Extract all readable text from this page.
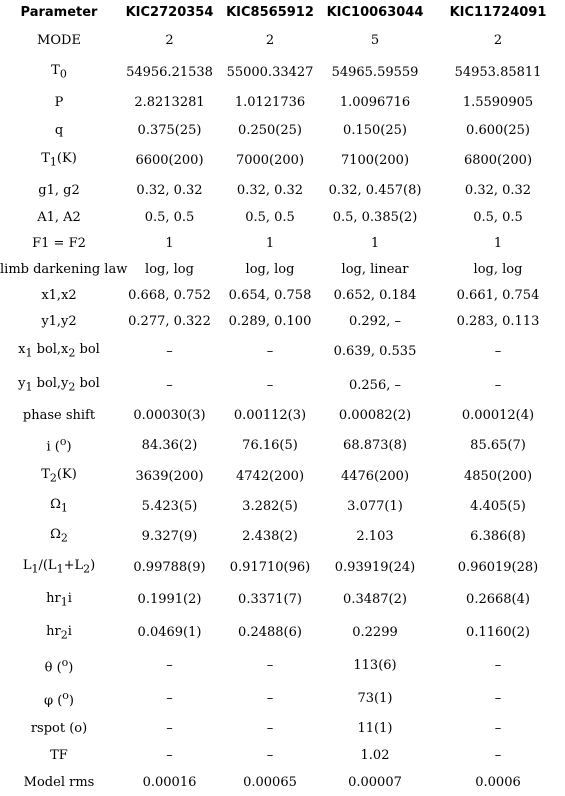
Parameter	KIC2720354	KIC8565912	KIC10063044	KIC11724091
MODE	2	2	5	2
$T_0$	54956.21538	55000.33427	54965.59559	54953.85811
P	2.8213281	1.0121736	1.0096716	1.5590905
q	0.375(25)	0.250(25)	0.150(25)	0.600(25)
$T_1(K)$	6600(200)	7000(200)	7100(200)	6800(200)
g1, g2	0.32, 0.32	0.32, 0.32	0.32, 0.457(8)	0.32, 0.32
A1, A2	0.5, 0.5	0.5, 0.5	0.5, 0.385(2)	0.5, 0.5
F1 = F2	1	1	1	1
limb darkening law	log, log	log, log	log, linear	log, log
x1,x2	0.668, 0.752	0.654, 0.758	0.652, 0.184	0.661, 0.754
y1,y2	0.277, 0.322	0.289, 0.100	0.292, –	0.283, 0.113
$x_1$ $bol,x_2$ bol	–	–	0.639, 0.535	–
$y_1$ $bol,y_2$ bol	–	–	0.256, –	–
phase shift	0.00030(3)	0.00112(3)	0.00082(2)	0.00012(4)
i ($^o$)	84.36(2)	76.16(5)	68.873(8)	85.65(7)
$T_2(K)$	3639(200)	4742(200)	4476(200)	4850(200)
$\Omega_1$	5.423(5)	3.282(5)	3.077(1)	4.405(5)
$\Omega_2$	9.327(9)	2.438(2)	2.103	6.386(8)
$L_1/(L_1+L_2)$	0.99788(9)	0.91710(96)	0.93919(24)	0.96019(28)
$hr_1i$	0.1991(2)	0.3371(7)	0.3487(2)	0.2668(4)
$hr_2i$	0.0469(1)	0.2488(6)	0.2299	0.1160(2)
θ ($^o$)	–	–	113(6)	–
φ ($^o$)	–	–	73(1)	–
rspot (o)	–	–	11(1)	–
TF	–	–	1.02	–
Model rms	0.00016	0.00065	0.00007	0.0006
